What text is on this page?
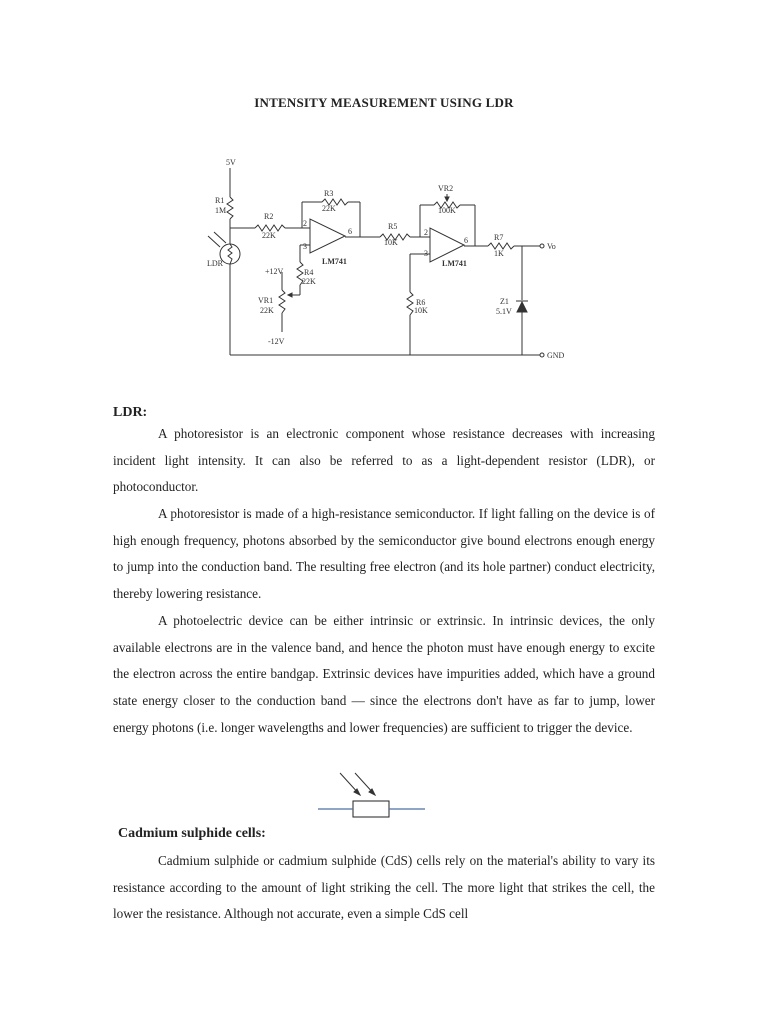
INTENSITY MEASUREMENT USING LDR
5V
R1
1M
R2
22K
R3
22K
2
3
6
LM741
LDR
+12V	R4
22K
VR1
22K
-12V
R5
10K
VR2
100K
2
3
6
LM741
R6
10K
R7
1K
Z1
5.1V
Vo
GND
LDR:

A photoresistor is an electronic component whose resistance decreases with increasing incident light intensity. It can also be referred to as a light-dependent resistor (LDR), or photoconductor.

A photoresistor is made of a high-resistance semiconductor. If light falling on the device is of high enough frequency, photons absorbed by the semiconductor give bound electrons enough energy to jump into the conduction band. The resulting free electron (and its hole partner) conduct electricity, thereby lowering resistance.

A photoelectric device can be either intrinsic or extrinsic. In intrinsic devices, the only available electrons are in the valence band, and hence the photon must have enough energy to excite the electron across the entire bandgap. Extrinsic devices have impurities added, which have a ground state energy closer to the conduction band — since the electrons don't have as far to jump, lower energy photons (i.e. longer wavelengths and lower frequencies) are sufficient to trigger the device.

Cadmium sulphide cells:

Cadmium sulphide or cadmium sulphide (CdS) cells rely on the material's ability to vary its resistance according to the amount of light striking the cell. The more light that strikes the cell, the lower the resistance. Although not accurate, even a simple CdS cell
